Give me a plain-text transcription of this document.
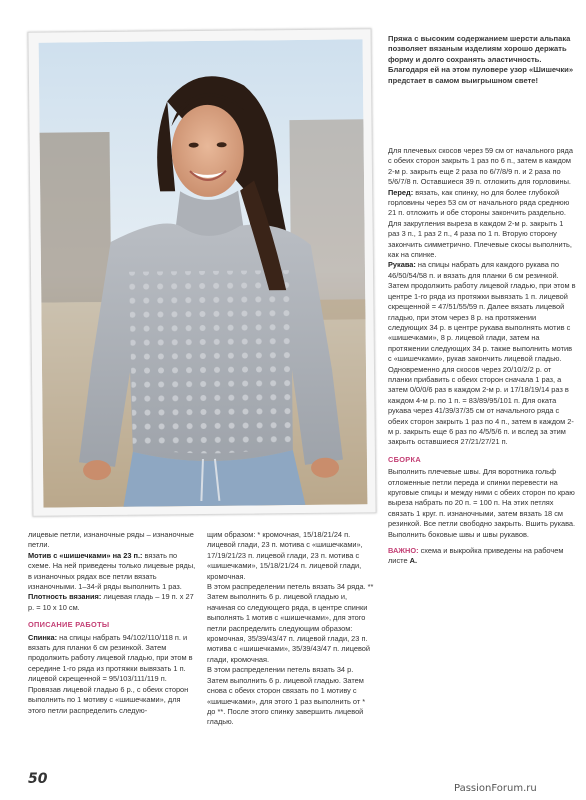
Пряжа с высоким содержанием шерсти альпака позволяет вязаным изделиям хорошо держать форму и долго сохранять эластичность. Благодаря ей на этом пуловере узор «Шишечки» предстает в самом выигрышном свете!

лицевые петли, изнаночные ряды – изнаночные петли.

Мотив с «шишечками» на 23 п.: вязать по схеме. На ней приведены только лицевые ряды, в изнаночных рядах все петли вязать изнаночными. 1–34-й ряды выполнить 1 раз.

Плотность вязания: лицевая гладь – 19 п. х 27 р. = 10 х 10 см.

ОПИСАНИЕ РАБОТЫ

Спинка: на спицы набрать 94/102/110/118 п. и вязать для планки 6 см резинкой. Затем продолжить работу лицевой гладью, при этом в середине 1-го ряда из протяжки вывязать 1 п. лицевой скрещенной = 95/103/111/119 п. Провязав лицевой гладью 6 р., с обеих сторон выполнить по 1 мотиву с «шишечками», для этого петли распределить следую-

щим образом: * кромочная, 15/18/21/24 п. лицевой глади, 23 п. мотива с «шишечками», 17/19/21/23 п. лицевой глади, 23 п. мотива с «шишечками», 15/18/21/24 п. лицевой глади, кромочная.

В этом распределении петель вязать 34 ряда. ** Затем выполнить 6 р. лицевой гладью и, начиная со следующего ряда, в центре спинки выполнять 1 мотив с «шишечками», для этого петли распределить следующим образом: кромочная, 35/39/43/47 п. лицевой глади, 23 п. мотива с «шишечками», 35/39/43/47 п. лицевой глади, кромочная.

В этом распределении петель вязать 34 р. Затем выполнить 6 р. лицевой гладью. Затем снова с обеих сторон связать по 1 мотиву с «шишечками», для этого 1 раз выполнить от * до **. После этого спинку завершить лицевой гладью.

Для плечевых скосов через 59 см от начального ряда с обеих сторон закрыть 1 раз по 6 п., затем в каждом 2-м р. закрыть еще 2 раза по 6/7/8/9 п. и 2 раза по 5/6/7/8 п. Оставшиеся 39 п. отложить для горловины.

Перед: вязать, как спинку, но для более глубокой горловины через 53 см от начального ряда среднюю 21 п. отложить и обе стороны закончить раздельно. Для закругления выреза в каждом 2-м р. закрыть 1 раз 3 п., 1 раз 2 п., 4 раза по 1 п. Вторую сторону закончить симметрично. Плечевые скосы выполнить, как на спинке.

Рукава: на спицы набрать для каждого рукава по 46/50/54/58 п. и вязать для планки 6 см резинкой. Затем продолжить работу лицевой гладью, при этом в центре 1-го ряда из протяжки вывязать 1 п. лицевой скрещенной = 47/51/55/59 п. Далее вязать лицевой гладью, при этом через 8 р. на протяжении следующих 34 р. в центре рукава выполнять мотив с «шишечками», 8 р. лицевой глади, затем на протяжении следующих 34 р. также выполнить мотив с «шишечками», рукав закончить лицевой гладью. Одновременно для скосов через 20/10/2/2 р. от планки прибавить с обеих сторон сначала 1 раз, а затем 0/0/0/6 раз в каждом 2-м р. и 17/18/19/14 раз в каждом 4-м р. по 1 п. = 83/89/95/101 п. Для оката рукава через 41/39/37/35 см от начального ряда с обеих сторон закрыть 1 раз по 4 п., затем в каждом 2-м р. закрыть еще 6 раз по 4/5/5/6 п. и вслед за этим закрыть оставшиеся 27/21/27/21 п.

СБОРКА

Выполнить плечевые швы. Для воротника гольф отложенные петли переда и спинки перевести на круговые спицы и между ними с обеих сторон по краю выреза набрать по 20 п. = 100 п. На этих петлях связать 1 круг. п. изнаночными, затем вязать 18 см резинкой. Все петли свободно закрыть. Вшить рукава. Выполнить боковые швы и швы рукавов.

ВАЖНО: схема и выкройка приведены на рабочем листе А.

50
PassionForum.ru
